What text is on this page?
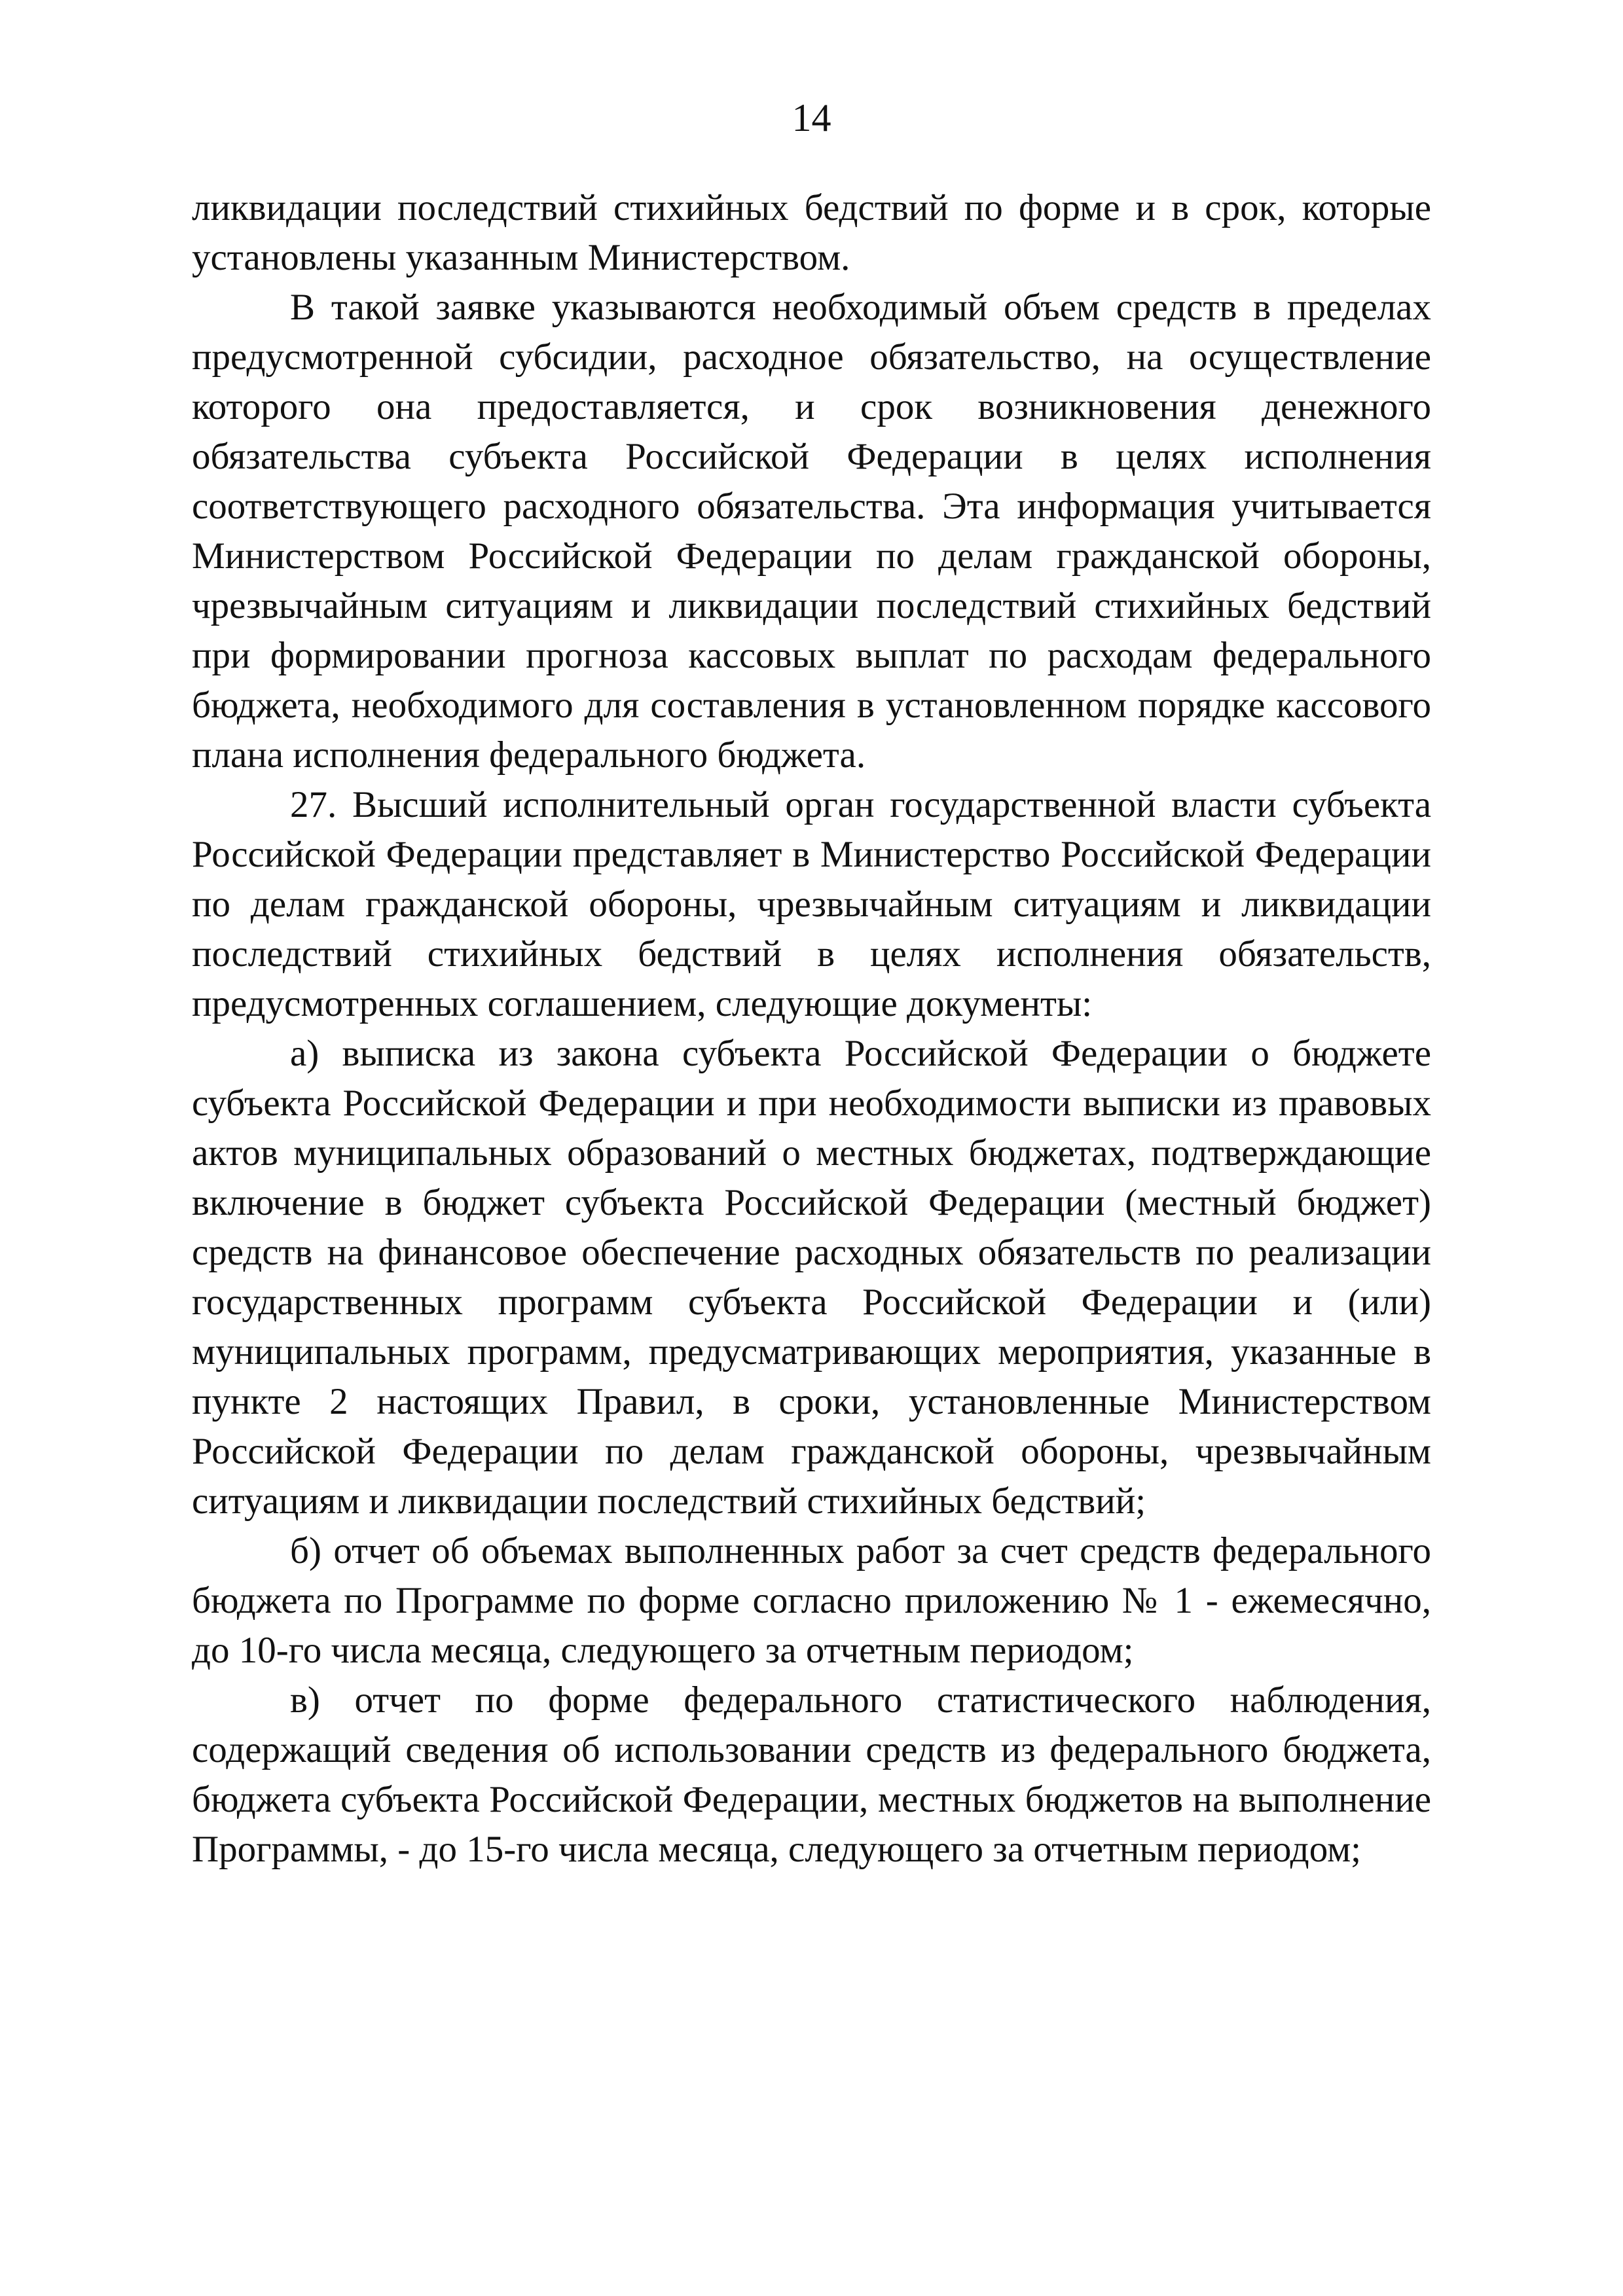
14

ликвидации последствий стихийных бедствий по форме и в срок, которые установлены указанным Министерством.

В такой заявке указываются необходимый объем средств в пределах предусмотренной субсидии, расходное обязательство, на осуществление которого она предоставляется, и срок возникновения денежного обязательства субъекта Российской Федерации в целях исполнения соответствующего расходного обязательства. Эта информация учитывается Министерством Российской Федерации по делам гражданской обороны, чрезвычайным ситуациям и ликвидации последствий стихийных бедствий при формировании прогноза кассовых выплат по расходам федерального бюджета, необходимого для составления в установленном порядке кассового плана исполнения федерального бюджета.

27. Высший исполнительный орган государственной власти субъекта Российской Федерации представляет в Министерство Российской Федерации по делам гражданской обороны, чрезвычайным ситуациям и ликвидации последствий стихийных бедствий в целях исполнения обязательств, предусмотренных соглашением, следующие документы:

а) выписка из закона субъекта Российской Федерации о бюджете субъекта Российской Федерации и при необходимости выписки из правовых актов муниципальных образований о местных бюджетах, подтверждающие включение в бюджет субъекта Российской Федерации (местный бюджет) средств на финансовое обеспечение расходных обязательств по реализации государственных программ субъекта Российской Федерации и (или) муниципальных программ, предусматривающих мероприятия, указанные в пункте 2 настоящих Правил, в сроки, установленные Министерством Российской Федерации по делам гражданской обороны, чрезвычайным ситуациям и ликвидации последствий стихийных бедствий;

б) отчет об объемах выполненных работ за счет средств федерального бюджета по Программе по форме согласно приложению № 1 - ежемесячно, до 10-го числа месяца, следующего за отчетным периодом;

в) отчет по форме федерального статистического наблюдения, содержащий сведения об использовании средств из федерального бюджета, бюджета субъекта Российской Федерации, местных бюджетов на выполнение Программы, - до 15-го числа месяца, следующего за отчетным периодом;
